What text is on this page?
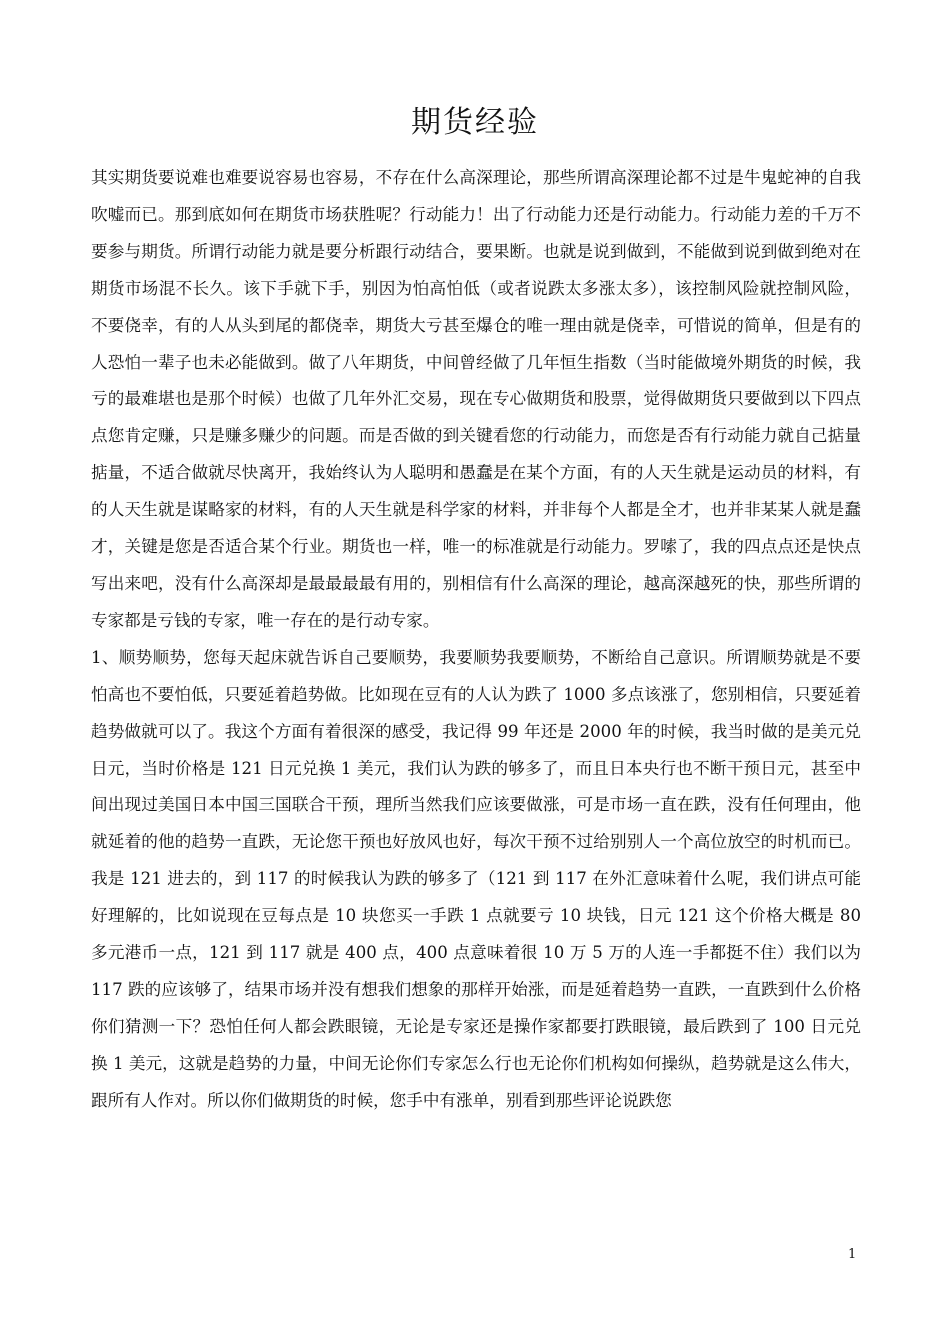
期货经验

其实期货要说难也难要说容易也容易，不存在什么高深理论，那些所谓高深理论都不过是牛鬼蛇神的自我吹嘘而已。那到底如何在期货市场获胜呢？行动能力！出了行动能力还是行动能力。行动能力差的千万不要参与期货。所谓行动能力就是要分析跟行动结合，要果断。也就是说到做到，不能做到说到做到绝对在期货市场混不长久。该下手就下手，别因为怕高怕低（或者说跌太多涨太多），该控制风险就控制风险，不要侥幸，有的人从头到尾的都侥幸，期货大亏甚至爆仓的唯一理由就是侥幸，可惜说的简单，但是有的人恐怕一辈子也未必能做到。做了八年期货，中间曾经做了几年恒生指数（当时能做境外期货的时候，我亏的最难堪也是那个时候）也做了几年外汇交易，现在专心做期货和股票，觉得做期货只要做到以下四点点您肯定赚，只是赚多赚少的问题。而是否做的到关键看您的行动能力，而您是否有行动能力就自己掂量掂量，不适合做就尽快离开，我始终认为人聪明和愚蠢是在某个方面，有的人天生就是运动员的材料，有的人天生就是谋略家的材料，有的人天生就是科学家的材料，并非每个人都是全才，也并非某某人就是蠢才，关键是您是否适合某个行业。期货也一样，唯一的标准就是行动能力。罗嗦了，我的四点点还是快点写出来吧，没有什么高深却是最最最最有用的，别相信有什么高深的理论，越高深越死的快，那些所谓的专家都是亏钱的专家，唯一存在的是行动专家。

1、顺势顺势，您每天起床就告诉自己要顺势，我要顺势我要顺势，不断给自己意识。所谓顺势就是不要怕高也不要怕低，只要延着趋势做。比如现在豆有的人认为跌了 1000 多点该涨了，您别相信，只要延着趋势做就可以了。我这个方面有着很深的感受，我记得 99 年还是 2000 年的时候，我当时做的是美元兑日元，当时价格是 121 日元兑换 1 美元，我们认为跌的够多了，而且日本央行也不断干预日元，甚至中间出现过美国日本中国三国联合干预，理所当然我们应该要做涨，可是市场一直在跌，没有任何理由，他就延着的他的趋势一直跌，无论您干预也好放风也好，每次干预不过给别别人一个高位放空的时机而已。我是 121 进去的，到 117 的时候我认为跌的够多了（121 到 117 在外汇意味着什么呢，我们讲点可能好理解的，比如说现在豆每点是 10 块您买一手跌 1 点就要亏 10 块钱，日元 121 这个价格大概是 80 多元港币一点，121 到 117 就是 400 点，400 点意味着很 10 万 5 万的人连一手都挺不住）我们以为 117 跌的应该够了，结果市场并没有想我们想象的那样开始涨，而是延着趋势一直跌，一直跌到什么价格你们猜测一下？恐怕任何人都会跌眼镜，无论是专家还是操作家都要打跌眼镜，最后跌到了 100 日元兑换 1 美元，这就是趋势的力量，中间无论你们专家怎么行也无论你们机构如何操纵，趋势就是这么伟大，跟所有人作对。所以你们做期货的时候，您手中有涨单，别看到那些评论说跌您

1
